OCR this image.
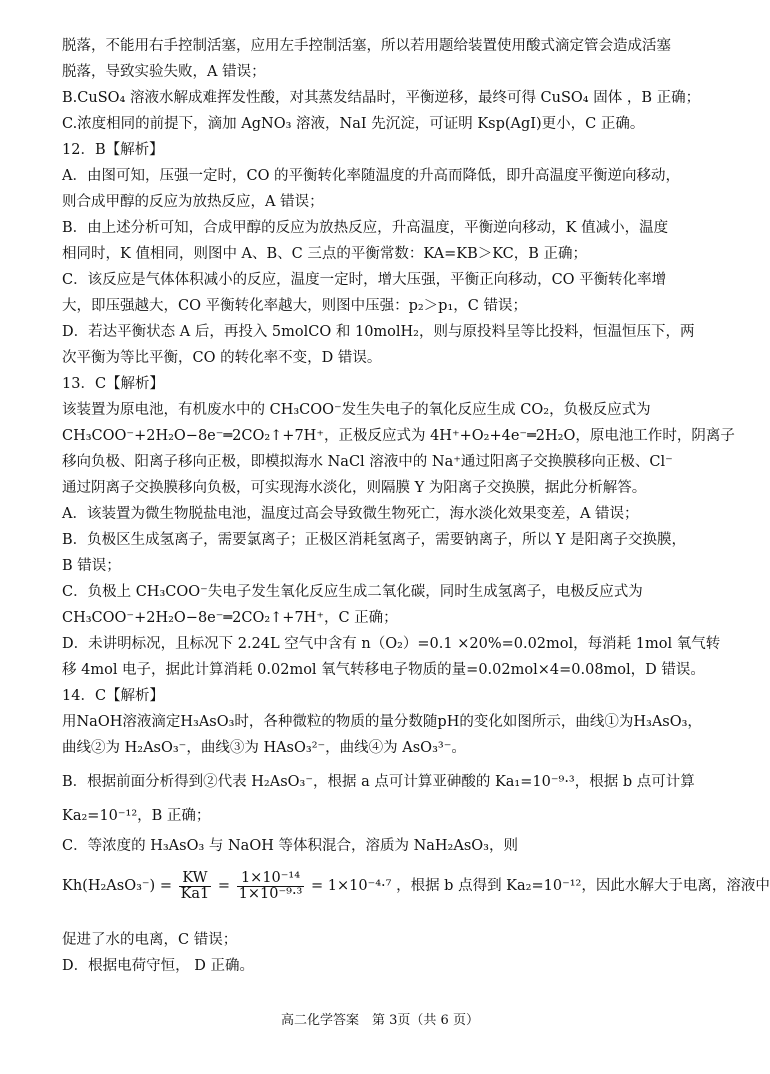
脱落，不能用右手控制活塞，应用左手控制活塞，所以若用题给装置使用酸式滴定管会造成活塞
脱落，导致实验失败，A 错误；
B.CuSO₄ 溶液水解成难挥发性酸，对其蒸发结晶时，平衡逆移，最终可得 CuSO₄ 固体 ，B 正确；
C.浓度相同的前提下，滴加 AgNO₃ 溶液，NaI 先沉淀，可证明 Ksp(AgI)更小，C 正确。
12．B【解析】
A．由图可知，压强一定时，CO 的平衡转化率随温度的升高而降低，即升高温度平衡逆向移动，
则合成甲醇的反应为放热反应，A 错误；
B．由上述分析可知，合成甲醇的反应为放热反应，升高温度，平衡逆向移动，K 值减小，温度
相同时，K 值相同，则图中 A、B、C 三点的平衡常数：KA=KB＞KC，B 正确；
C．该反应是气体体积减小的反应，温度一定时，增大压强，平衡正向移动，CO 平衡转化率增
大，即压强越大，CO 平衡转化率越大，则图中压强：p₂＞p₁，C 错误；
D．若达平衡状态 A 后，再投入 5molCO 和 10molH₂，则与原投料呈等比投料，恒温恒压下，两
次平衡为等比平衡，CO 的转化率不变，D 错误。
13．C【解析】
该装置为原电池，有机废水中的 CH₃COO⁻发生失电子的氧化反应生成 CO₂，负极反应式为
CH₃COO⁻+2H₂O−8e⁻═2CO₂↑+7H⁺，正极反应式为 4H⁺+O₂+4e⁻═2H₂O，原电池工作时，阴离子
移向负极、阳离子移向正极，即模拟海水 NaCl 溶液中的 Na⁺通过阳离子交换膜移向正极、Cl⁻
通过阴离子交换膜移向负极，可实现海水淡化，则隔膜 Y 为阳离子交换膜，据此分析解答。
A．该装置为微生物脱盐电池，温度过高会导致微生物死亡，海水淡化效果变差，A 错误；
B．负极区生成氢离子，需要氯离子；正极区消耗氢离子，需要钠离子，所以 Y 是阳离子交换膜，
B 错误；
C．负极上 CH₃COO⁻失电子发生氧化反应生成二氧化碳，同时生成氢离子，电极反应式为
CH₃COO⁻+2H₂O−8e⁻═2CO₂↑+7H⁺，C 正确；
D．未讲明标况，且标况下 2.24L 空气中含有 n（O₂）=0.1 ×20%=0.02mol，每消耗 1mol 氧气转
移 4mol 电子，据此计算消耗 0.02mol 氧气转移电子物质的量=0.02mol×4=0.08mol，D 错误。
14．C【解析】
用NaOH溶液滴定H₃AsO₃时，各种微粒的物质的量分数随pH的变化如图所示，曲线①为H₃AsO₃，
曲线②为 H₂AsO₃⁻，曲线③为 HAsO₃²⁻，曲线④为 AsO₃³⁻。
B．根据前面分析得到②代表 H₂AsO₃⁻，根据 a 点可计算亚砷酸的 Ka₁=10⁻⁹·³，根据 b 点可计算
Ka₂=10⁻¹²，B 正确；
C．等浓度的 H₃AsO₃ 与 NaOH 等体积混合，溶质为 NaH₂AsO₃，则
$Kh(H_2AsO_3^-) = \frac{KW}{Ka1} = \frac{\text{1×10⁻¹⁴}}{\text{1×10⁻⁹·³}} = 1\times 10^{-4}\cdot^7$ ，根据 b 点得到 Ka₂=10⁻¹²，因此水解大于电离，溶液中
促进了水的电离，C 错误；
D．根据电荷守恒， D 正确。
高二化学答案　第 3页（共 6 页）
